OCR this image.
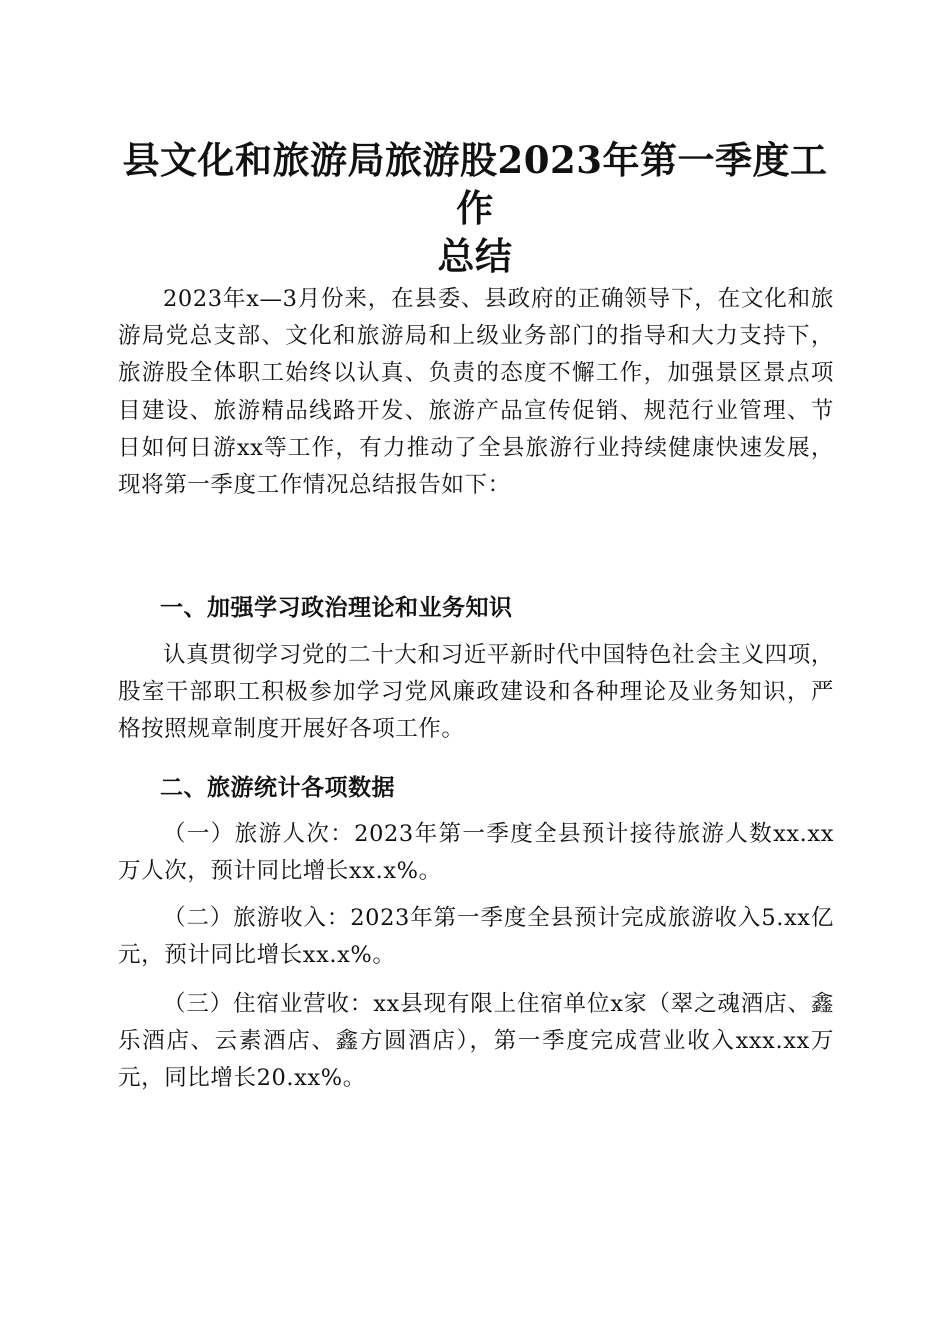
县文化和旅游局旅游股2023年第一季度工作
总结

2023年x—3月份来，在县委、县政府的正确领导下，在文化和旅游局党总支部、文化和旅游局和上级业务部门的指导和大力支持下，旅游股全体职工始终以认真、负责的态度不懈工作，加强景区景点项目建设、旅游精品线路开发、旅游产品宣传促销、规范行业管理、节日如何日游xx等工作，有力推动了全县旅游行业持续健康快速发展，现将第一季度工作情况总结报告如下：

一、加强学习政治理论和业务知识

认真贯彻学习党的二十大和习近平新时代中国特色社会主义四项，股室干部职工积极参加学习党风廉政建设和各种理论及业务知识，严格按照规章制度开展好各项工作。

二、旅游统计各项数据

（一）旅游人次：2023年第一季度全县预计接待旅游人数xx.xx万人次，预计同比增长xx.x%。

（二）旅游收入：2023年第一季度全县预计完成旅游收入5.xx亿元，预计同比增长xx.x%。

（三）住宿业营收：xx县现有限上住宿单位x家（翠之魂酒店、鑫乐酒店、云素酒店、鑫方圆酒店），第一季度完成营业收入xxx.xx万元，同比增长20.xx%。
